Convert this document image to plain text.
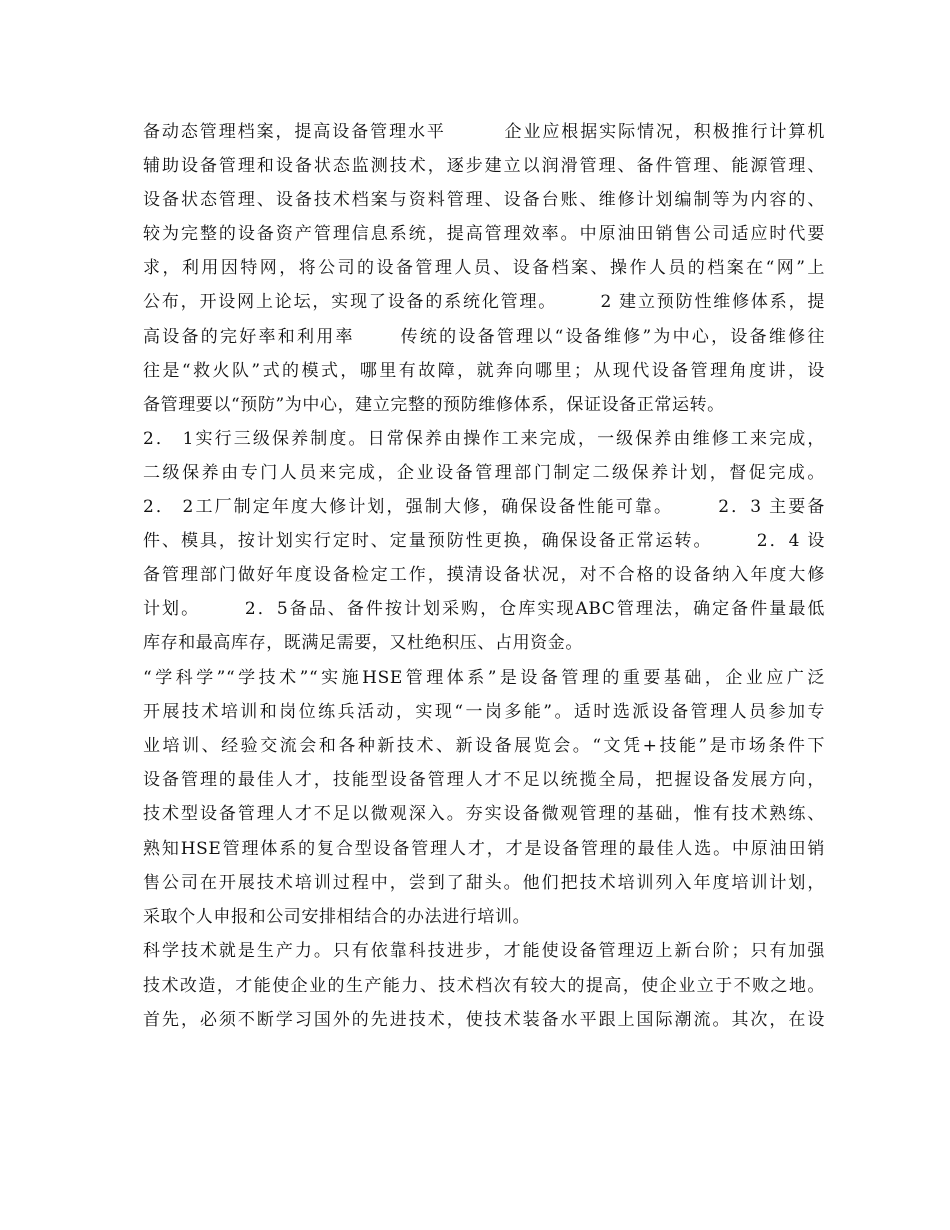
备动态管理档案，提高设备管理水平        企业应根据实际情况，积极推行计算机

辅助设备管理和设备状态监测技术，逐步建立以润滑管理、备件管理、能源管理、

设备状态管理、设备技术档案与资料管理、设备台账、维修计划编制等为内容的、

较为完整的设备资产管理信息系统，提高管理效率。中原油田销售公司适应时代要

求，利用因特网，将公司的设备管理人员、设备档案、操作人员的档案在“网”上

公布，开设网上论坛，实现了设备的系统化管理。      2 建立预防性维修体系，提

高设备的完好率和利用率      传统的设备管理以“设备维修”为中心，设备维修往

往是“救火队”式的模式，哪里有故障，就奔向哪里；从现代设备管理角度讲，设

备管理要以“预防”为中心，建立完整的预防维修体系，保证设备正常运转。

2． 1实行三级保养制度。日常保养由操作工来完成，一级保养由维修工来完成，

二级保养由专门人员来完成，企业设备管理部门制定二级保养计划，督促完成。

2． 2工厂制定年度大修计划，强制大修，确保设备性能可靠。      2．3 主要备

件、模具，按计划实行定时、定量预防性更换，确保设备正常运转。      2．4 设

备管理部门做好年度设备检定工作，摸清设备状况，对不合格的设备纳入年度大修

计划。      2．5备品、备件按计划采购，仓库实现ABC管理法，确定备件量最低

库存和最高库存，既满足需要，又杜绝积压、占用资金。

“学科学”“学技术”“实施HSE管理体系”是设备管理的重要基础，企业应广泛

开展技术培训和岗位练兵活动，实现“一岗多能”。适时选派设备管理人员参加专

业培训、经验交流会和各种新技术、新设备展览会。“文凭+技能”是市场条件下

设备管理的最佳人才，技能型设备管理人才不足以统揽全局，把握设备发展方向，

技术型设备管理人才不足以微观深入。夯实设备微观管理的基础，惟有技术熟练、

熟知HSE管理体系的复合型设备管理人才，才是设备管理的最佳人选。中原油田销

售公司在开展技术培训过程中，尝到了甜头。他们把技术培训列入年度培训计划，

采取个人申报和公司安排相结合的办法进行培训。

科学技术就是生产力。只有依靠科技进步，才能使设备管理迈上新台阶；只有加强

技术改造，才能使企业的生产能力、技术档次有较大的提高，使企业立于不败之地。

首先，必须不断学习国外的先进技术，使技术装备水平跟上国际潮流。其次，在设
